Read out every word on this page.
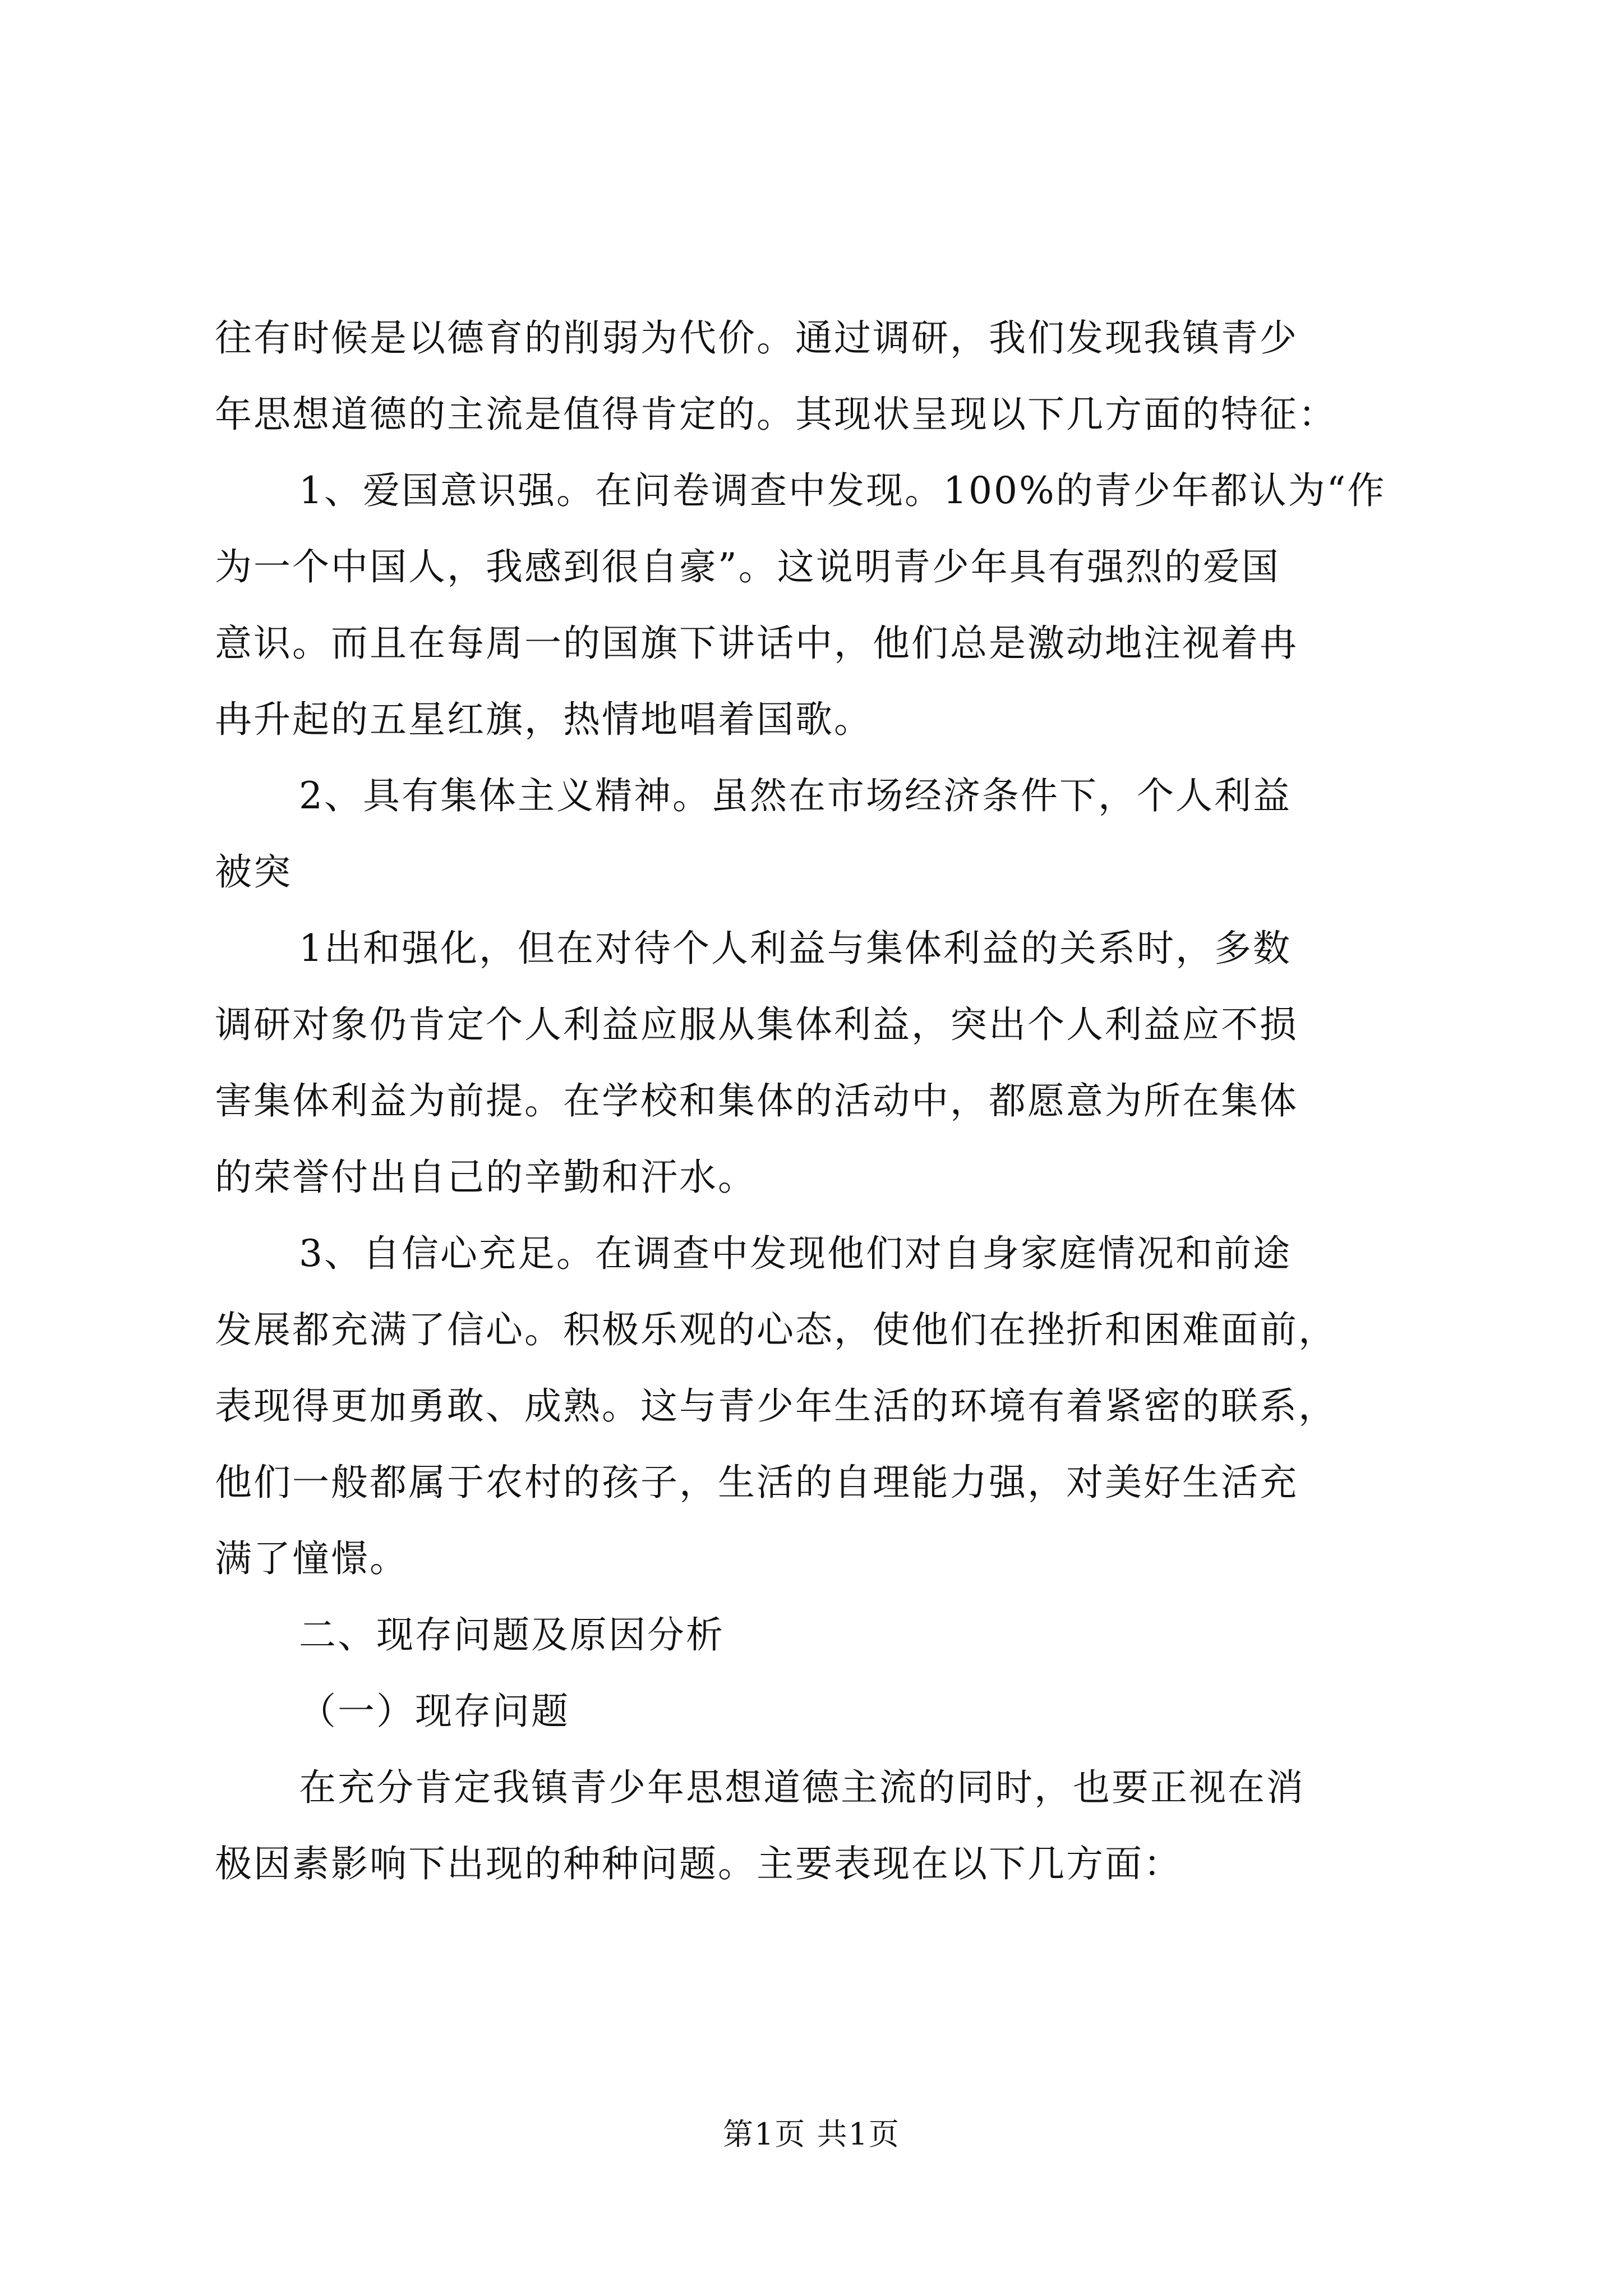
往有时候是以德育的削弱为代价。通过调研，我们发现我镇青少

年思想道德的主流是值得肯定的。其现状呈现以下几方面的特征：

1、爱国意识强。在问卷调查中发现。100%的青少年都认为“作

为一个中国人，我感到很自豪”。这说明青少年具有强烈的爱国

意识。而且在每周一的国旗下讲话中，他们总是激动地注视着冉

冉升起的五星红旗，热情地唱着国歌。

2、具有集体主义精神。虽然在市场经济条件下，个人利益

被突

1出和强化，但在对待个人利益与集体利益的关系时，多数

调研对象仍肯定个人利益应服从集体利益，突出个人利益应不损

害集体利益为前提。在学校和集体的活动中，都愿意为所在集体

的荣誉付出自己的辛勤和汗水。

3、自信心充足。在调查中发现他们对自身家庭情况和前途

发展都充满了信心。积极乐观的心态，使他们在挫折和困难面前，

表现得更加勇敢、成熟。这与青少年生活的环境有着紧密的联系，

他们一般都属于农村的孩子，生活的自理能力强，对美好生活充

满了憧憬。

二、现存问题及原因分析

（一）现存问题

在充分肯定我镇青少年思想道德主流的同时，也要正视在消

极因素影响下出现的种种问题。主要表现在以下几方面：

第1页 共1页
